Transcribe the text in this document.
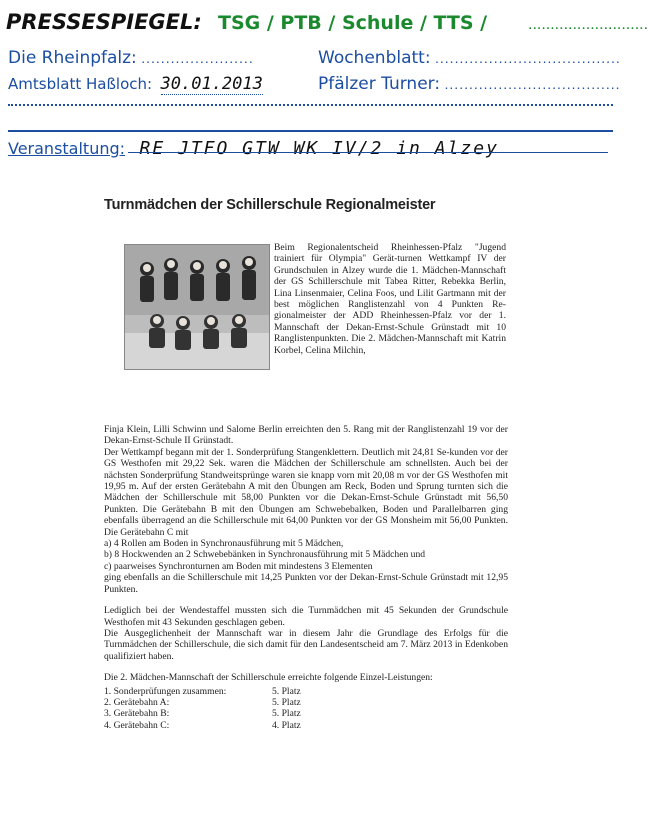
PRESSESPIEGEL: TSG / PTB / Schule / TTS /	...........................
Die Rheinpfalz: .......................	Wochenblatt: ......................................
Amtsblatt Haßloch: 30.01.2013	Pfälzer Turner: ....................................
Veranstaltung: RE JTFO GTW WK IV/2 in Alzey
Turnmädchen der Schillerschule Regionalmeister
Beim Regionalentscheid Rheinhessen-Pfalz "Jugend trainiert für Olympia" Gerät-turnen Wettkampf IV der Grundschulen in Alzey wurde die 1. Mädchen-Mannschaft der GS Schillerschule mit Tabea Ritter, Rebekka Berlin, Lina Linsenmaier, Celina Foos, und Lilit Gartmann mit der best möglichen Ranglistenzahl von 4 Punkten Re-gionalmeister der ADD Rheinhessen-Pfalz vor der 1. Mannschaft der Dekan-Ernst-Schule Grünstadt mit 10 Ranglistenpunkten. Die 2. Mädchen-Mannschaft mit Katrin Korbel, Celina Milchin,

Finja Klein, Lilli Schwinn und Salome Berlin erreichten den 5. Rang mit der Ranglistenzahl 19 vor der Dekan-Ernst-Schule II Grünstadt.

Der Wettkampf begann mit der 1. Sonderprüfung Stangenklettern. Deutlich mit 24,81 Se-kunden vor der GS Westhofen mit 29,22 Sek. waren die Mädchen der Schillerschule am schnellsten. Auch bei der nächsten Sonderprüfung Standweitsprünge waren sie knapp vorn mit 20,08 m vor der GS Westhofen mit 19,95 m. Auf der ersten Gerätebahn A mit den Übungen am Reck, Boden und Sprung turnten sich die Mädchen der Schillerschule mit 58,00 Punkten vor die Dekan-Ernst-Schule Grünstadt mit 56,50 Punkten. Die Gerätebahn B mit den Übungen am Schwebebalken, Boden und Parallelbarren ging ebenfalls überragend an die Schillerschule mit 64,00 Punkten vor der GS Monsheim mit 56,00 Punkten. Die Gerätebahn C mit

a) 4 Rollen am Boden in Synchronausführung mit 5 Mädchen,

b) 8 Hockwenden an 2 Schwebebänken in Synchronausführung mit 5 Mädchen und

c) paarweises Synchronturnen am Boden mit mindestens 3 Elementen

ging ebenfalls an die Schillerschule mit 14,25 Punkten vor der Dekan-Ernst-Schule Grünstadt mit 12,95 Punkten.

Lediglich bei der Wendestaffel mussten sich die Turnmädchen mit 45 Sekunden der Grundschule Westhofen mit 43 Sekunden geschlagen geben.

Die Ausgeglichenheit der Mannschaft war in diesem Jahr die Grundlage des Erfolgs für die Turnmädchen der Schillerschule, die sich damit für den Landesentscheid am 7. März 2013 in Edenkoben qualifiziert haben.

Die 2. Mädchen-Mannschaft der Schillerschule erreichte folgende Einzel-Leistungen:

1. Sonderprüfungen zusammen:	5. Platz
2. Gerätebahn A:	5. Platz
3. Gerätebahn B:	5. Platz
4. Gerätebahn C:	4. Platz
